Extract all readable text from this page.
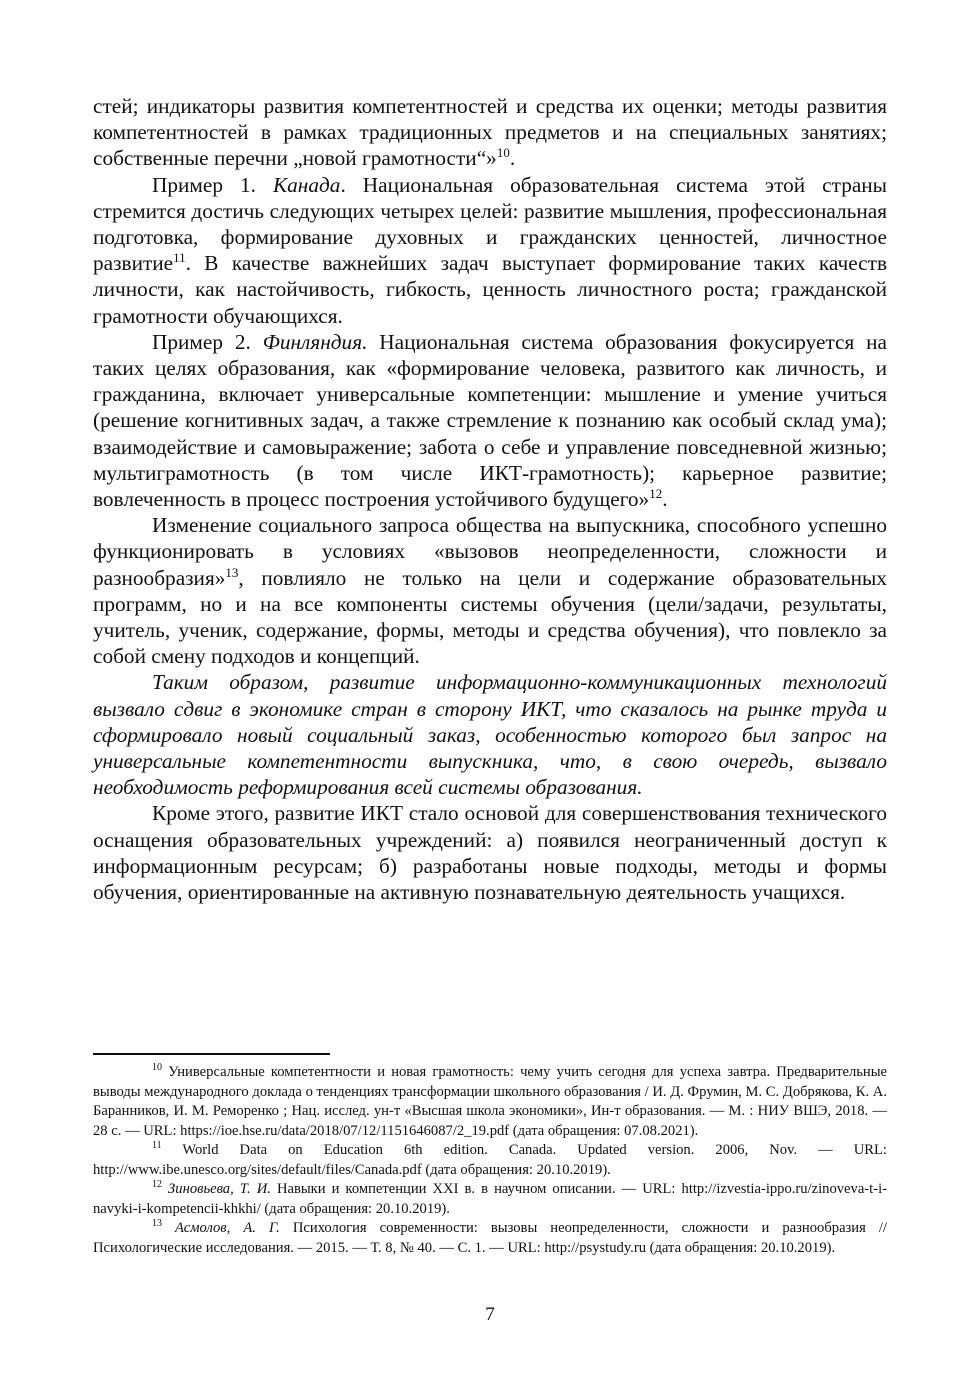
стей; индикаторы развития компетентностей и средства их оценки; методы развития компетентностей в рамках традиционных предметов и на специальных занятиях; собственные перечни „новой грамотности“»$^{10}$.

Пример 1. Канада. Национальная образовательная система этой страны стремится достичь следующих четырех целей: развитие мышления, профессиональная подготовка, формирование духовных и гражданских ценностей, личностное развитие$^{11}$. В качестве важнейших задач выступает формирование таких качеств личности, как настойчивость, гибкость, ценность личностного роста; гражданской грамотности обучающихся.

Пример 2. Финляндия. Национальная система образования фокусируется на таких целях образования, как «формирование человека, развитого как личность, и гражданина, включает универсальные компетенции: мышление и умение учиться (решение когнитивных задач, а также стремление к познанию как особый склад ума); взаимодействие и самовыражение; забота о себе и управление повседневной жизнью; мультиграмотность (в том числе ИКТ-грамотность); карьерное развитие; вовлеченность в процесс построения устойчивого будущего»$^{12}$.

Изменение социального запроса общества на выпускника, способного успешно функционировать в условиях «вызовов неопределенности, сложности и разнообразия»$^{13}$, повлияло не только на цели и содержание образовательных программ, но и на все компоненты системы обучения (цели/задачи, результаты, учитель, ученик, содержание, формы, методы и средства обучения), что повлекло за собой смену подходов и концепций.

Таким образом, развитие информационно-коммуникационных технологий вызвало сдвиг в экономике стран в сторону ИКТ, что сказалось на рынке труда и сформировало новый социальный заказ, особенностью которого был запрос на универсальные компетентности выпускника, что, в свою очередь, вызвало необходимость реформирования всей системы образования.

Кроме этого, развитие ИКТ стало основой для совершенствования технического оснащения образовательных учреждений: а) появился неограниченный доступ к информационным ресурсам; б) разработаны новые подходы, методы и формы обучения, ориентированные на активную познавательную деятельность учащихся.

$^{10}$ Универсальные компетентности и новая грамотность: чему учить сегодня для успеха завтра. Предварительные выводы международного доклада о тенденциях трансформации школьного образования / И. Д. Фрумин, М. С. Добрякова, К. А. Баранников, И. М. Реморенко ; Нац. исслед. ун-т «Высшая школа экономики», Ин-т образования. — М. : НИУ ВШЭ, 2018. — 28 с. — URL: https://ioe.hse.ru/data/2018/07/12/1151646087/2_19.pdf (дата обращения: 07.08.2021).

$^{11}$ World Data on Education 6th edition. Canada. Updated version. 2006, Nov. — URL: http://www.ibe.unesco.org/sites/default/files/Canada.pdf (дата обращения: 20.10.2019).

$^{12}$ Зиновьева, Т. И. Навыки и компетенции XXI в. в научном описании. — URL: http://izvestia-ippo.ru/zinoveva-t-i-navyki-i-kompetencii-khkhi/ (дата обращения: 20.10.2019).

$^{13}$ Асмолов, А. Г. Психология современности: вызовы неопределенности, сложности и разнообразия // Психологические исследования. — 2015. — Т. 8, № 40. — С. 1. — URL: http://psystudy.ru (дата обращения: 20.10.2019).

7
